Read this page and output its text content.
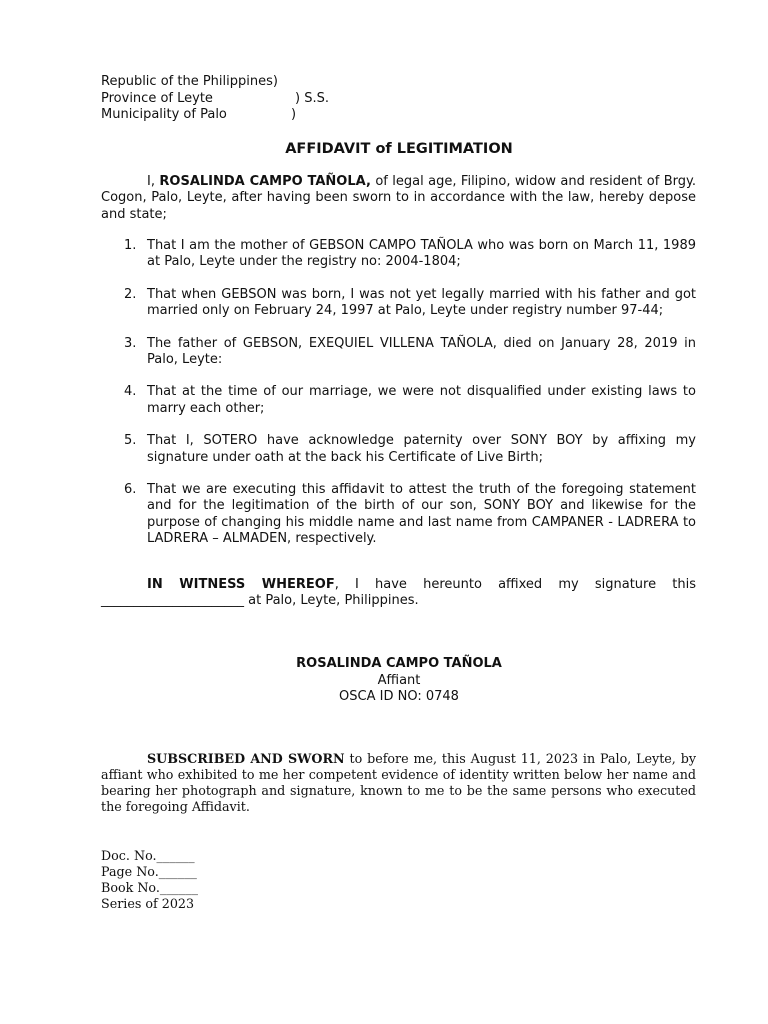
Republic of the Philippines)
Province of Leyte	) S.S.
Municipality of Palo	)
AFFIDAVIT of LEGITIMATION
I, ROSALINDA CAMPO TAÑOLA, of legal age, Filipino, widow and resident of Brgy. Cogon, Palo, Leyte, after having been sworn to in accordance with the law, hereby depose and state;
1. That I am the mother of GEBSON CAMPO TAÑOLA who was born on March 11, 1989 at Palo, Leyte under the registry no: 2004-1804;
2. That when GEBSON was born, I was not yet legally married with his father and got married only on February 24, 1997 at Palo, Leyte under registry number 97-44;
3. The father of GEBSON, EXEQUIEL VILLENA TAÑOLA, died on January 28, 2019 in Palo, Leyte:
4. That at the time of our marriage, we were not disqualified under existing laws to marry each other;
5. That I, SOTERO have acknowledge paternity over SONY BOY by affixing my signature under oath at the back his Certificate of Live Birth;
6. That we are executing this affidavit to attest the truth of the foregoing statement and for the legitimation of the birth of our son, SONY BOY and likewise for the purpose of changing his middle name and last name from CAMPANER - LADRERA to LADRERA – ALMADEN, respectively.
IN WITNESS WHEREOF, I have hereunto affixed my signature this
______________________ at Palo, Leyte, Philippines.
ROSALINDA CAMPO TAÑOLA
Affiant
OSCA ID NO: 0748
SUBSCRIBED AND SWORN to before me, this August 11, 2023 in Palo, Leyte, by affiant who exhibited to me her competent evidence of identity written below her name and bearing her photograph and signature, known to me to be the same persons who executed the foregoing Affidavit.
Doc. No.______
Page No.______
Book No.______
Series of 2023
